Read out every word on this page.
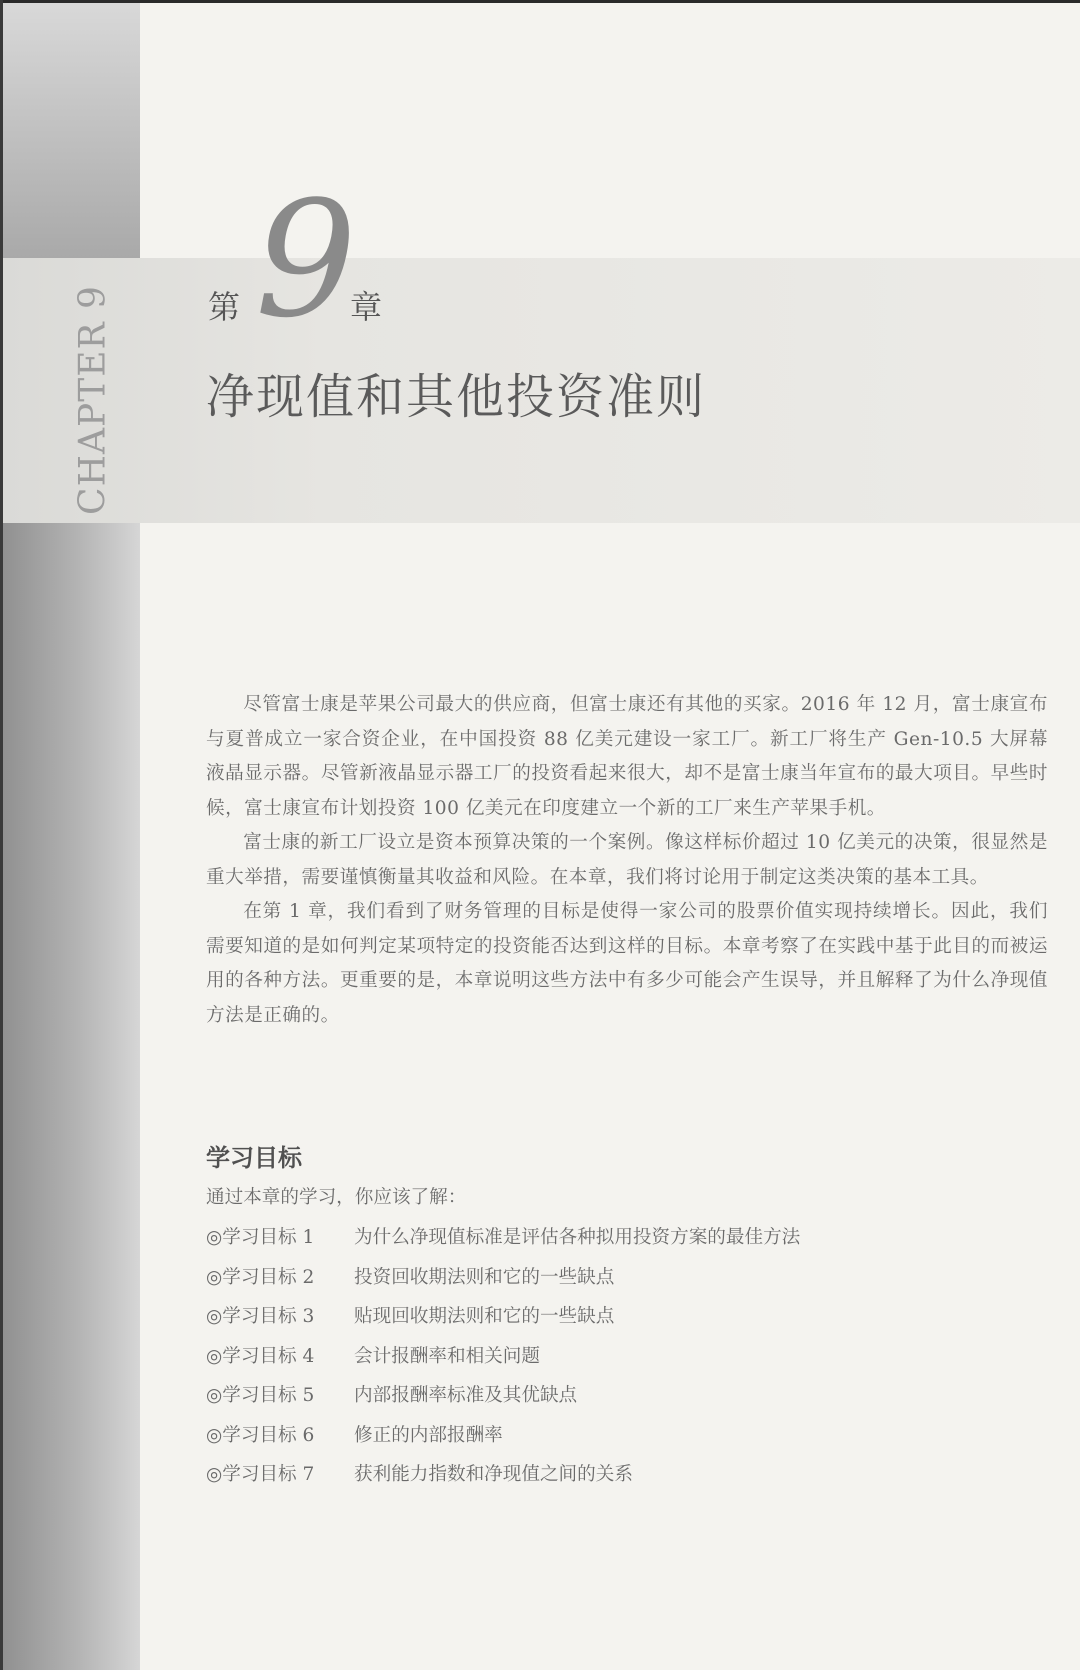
CHAPTER 9
9
第	章
净现值和其他投资准则

尽管富士康是苹果公司最大的供应商，但富士康还有其他的买家。2016 年 12 月，富士康宣布与夏普成立一家合资企业，在中国投资 88 亿美元建设一家工厂。新工厂将生产 Gen-10.5 大屏幕液晶显示器。尽管新液晶显示器工厂的投资看起来很大，却不是富士康当年宣布的最大项目。早些时候，富士康宣布计划投资 100 亿美元在印度建立一个新的工厂来生产苹果手机。

富士康的新工厂设立是资本预算决策的一个案例。像这样标价超过 10 亿美元的决策，很显然是重大举措，需要谨慎衡量其收益和风险。在本章，我们将讨论用于制定这类决策的基本工具。

在第 1 章，我们看到了财务管理的目标是使得一家公司的股票价值实现持续增长。因此，我们需要知道的是如何判定某项特定的投资能否达到这样的目标。本章考察了在实践中基于此目的而被运用的各种方法。更重要的是，本章说明这些方法中有多少可能会产生误导，并且解释了为什么净现值方法是正确的。

学习目标

通过本章的学习，你应该了解：

◎学习目标 1 为什么净现值标准是评估各种拟用投资方案的最佳方法
◎学习目标 2 投资回收期法则和它的一些缺点
◎学习目标 3 贴现回收期法则和它的一些缺点
◎学习目标 4 会计报酬率和相关问题
◎学习目标 5 内部报酬率标准及其优缺点
◎学习目标 6 修正的内部报酬率
◎学习目标 7 获利能力指数和净现值之间的关系
